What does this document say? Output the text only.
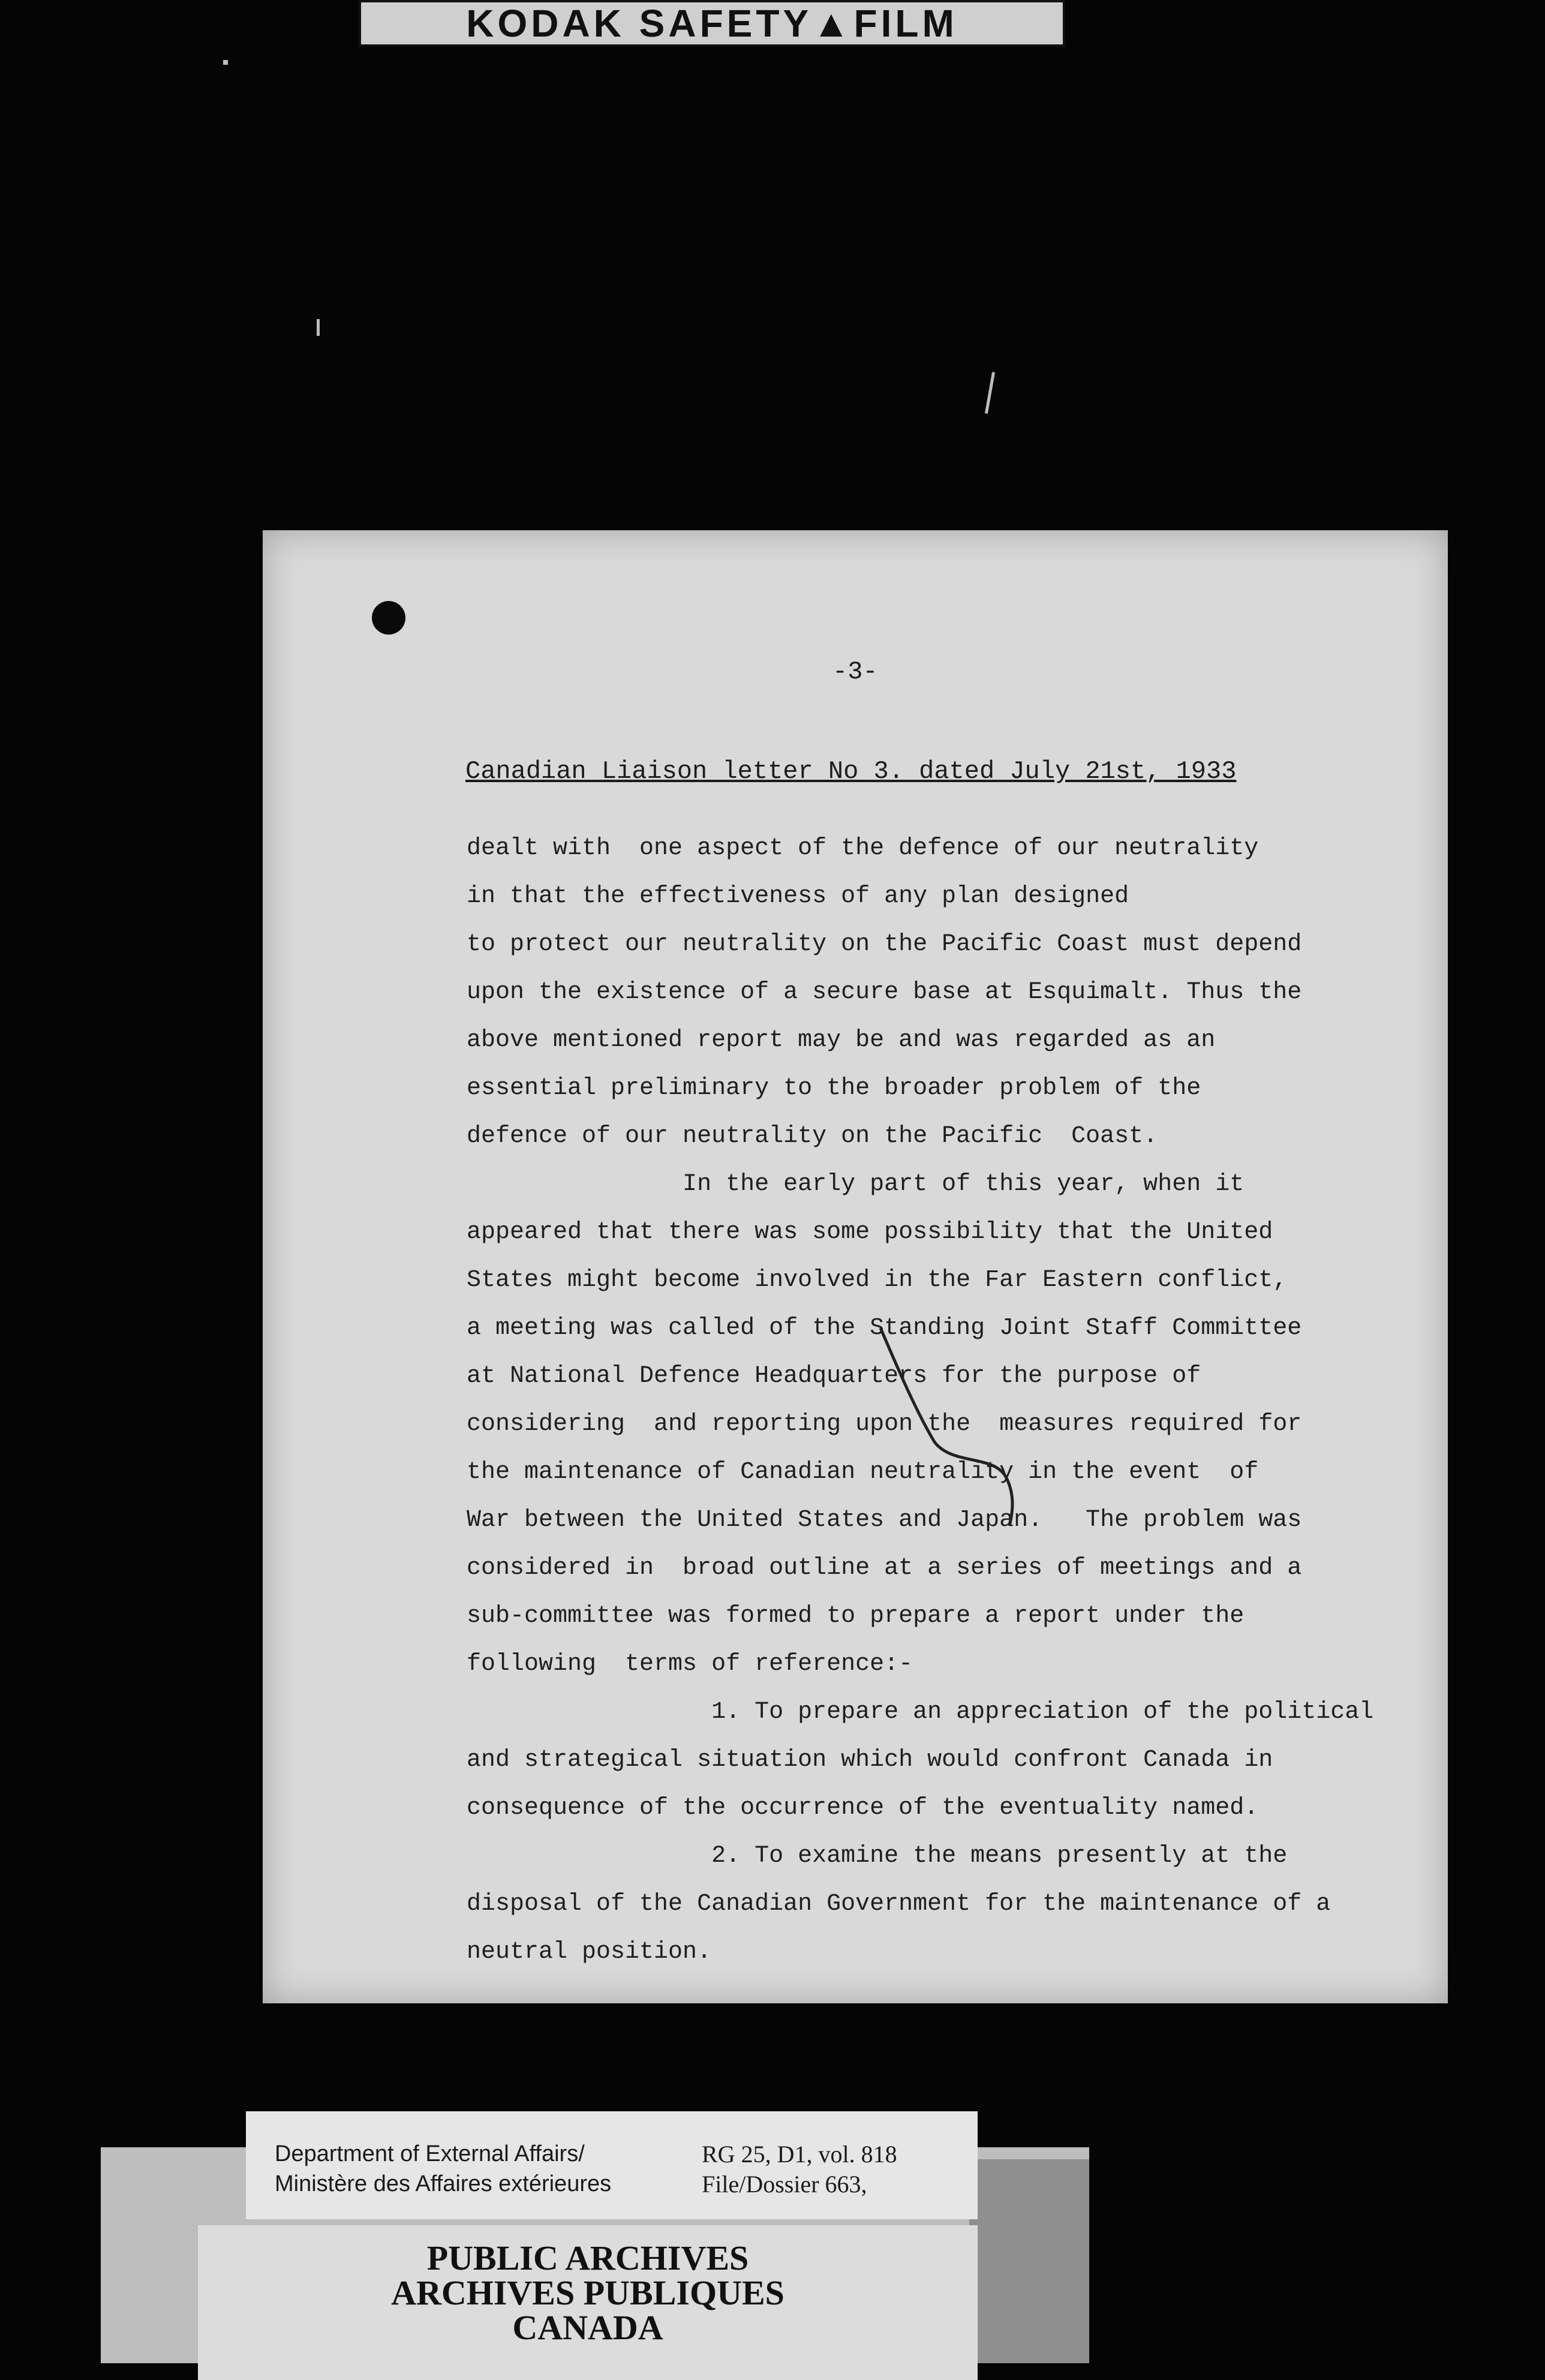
KODAK SAFETY▲FILM
-3-
Canadian Liaison letter No 3. dated July 21st, 1933
dealt with  one aspect of the defence of our neutrality
in that the effectiveness of any plan designed
to protect our neutrality on the Pacific Coast must depend
upon the existence of a secure base at Esquimalt. Thus the
above mentioned report may be and was regarded as an
essential preliminary to the broader problem of the
defence of our neutrality on the Pacific  Coast.
In the early part of this year, when it
appeared that there was some possibility that the United
States might become involved in the Far Eastern conflict,
a meeting was called of the Standing Joint Staff Committee
at National Defence Headquarters for the purpose of
considering  and reporting upon the  measures required for
the maintenance of Canadian neutrality in the event  of
War between the United States and Japan.   The problem was
considered in  broad outline at a series of meetings and a
sub-committee was formed to prepare a report under the
following  terms of reference:-
1. To prepare an appreciation of the political
and strategical situation which would confront Canada in
consequence of the occurrence of the eventuality named.
2. To examine the means presently at the
disposal of the Canadian Government for the maintenance of a
neutral position.
Department of External Affairs/
Ministère des Affaires extérieures
RG 25, D1, vol. 818
File/Dossier 663,
PUBLIC ARCHIVES
ARCHIVES PUBLIQUES
CANADA
